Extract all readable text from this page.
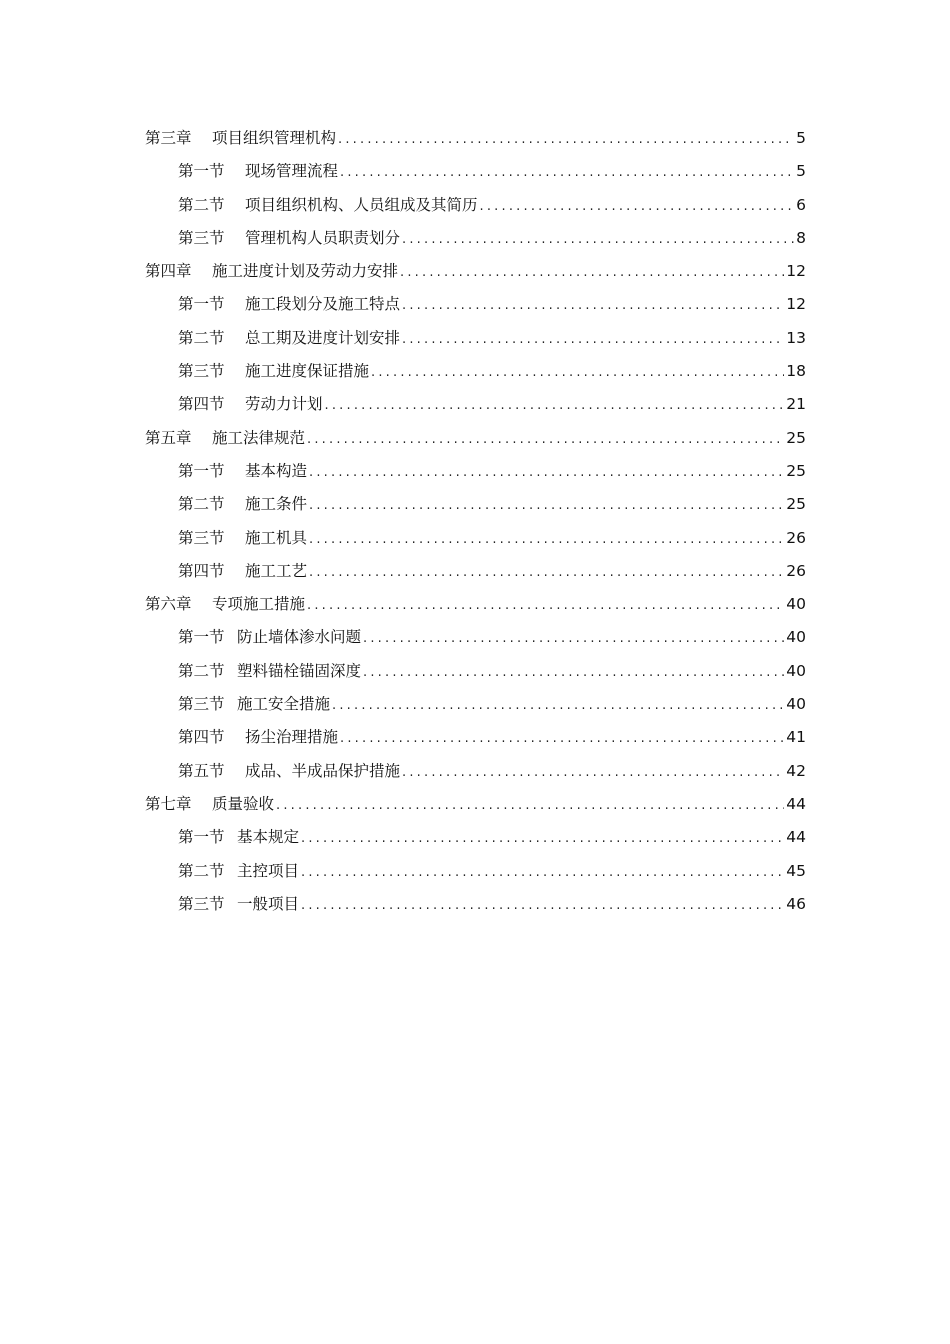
第三章 项目组织管理机构 .....	5
第一节 现场管理流程 .....	5
第二节 项目组织机构、人员组成及其简历 .....	6
第三节 管理机构人员职责划分 .....	8
第四章 施工进度计划及劳动力安排 .....	12
第一节 施工段划分及施工特点 .....	12
第二节 总工期及进度计划安排 .....	13
第三节 施工进度保证措施 .....	18
第四节 劳动力计划 .....	21
第五章 施工法律规范 .....	25
第一节 基本构造 .....	25
第二节 施工条件 .....	25
第三节 施工机具 .....	26
第四节 施工工艺 .....	26
第六章 专项施工措施 .....	40
第一节 防止墙体渗水问题 .....	40
第二节 塑料锚栓锚固深度 .....	40
第三节 施工安全措施 .....	40
第四节 扬尘治理措施 .....	41
第五节 成品、半成品保护措施 .....	42
第七章 质量验收 .....	44
第一节 基本规定 .....	44
第二节 主控项目 .....	45
第三节 一般项目 .....	46
